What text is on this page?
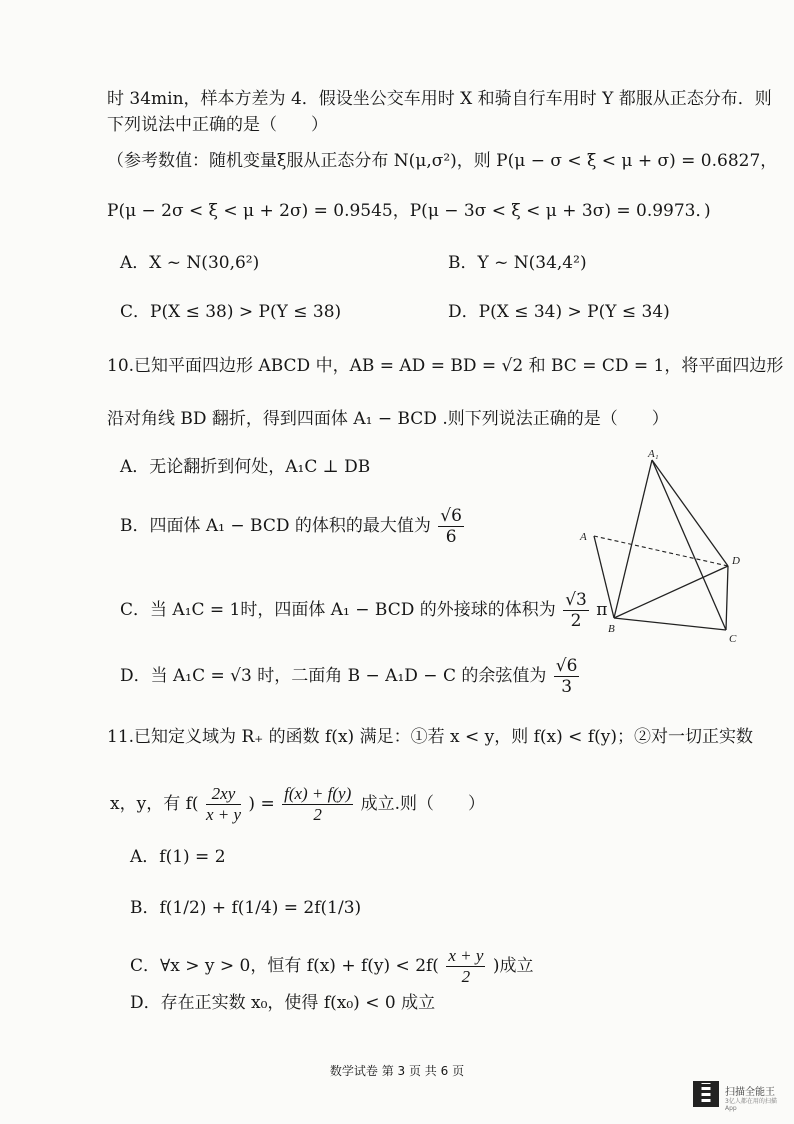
时 34min，样本方差为 4．假设坐公交车用时 X 和骑自行车用时 Y 都服从正态分布．则
下列说法中正确的是（　　）
（参考数值：随机变量ξ服从正态分布 N(μ,σ²)，则 P(μ − σ < ξ < μ + σ) = 0.6827，
P(μ − 2σ < ξ < μ + 2σ) = 0.9545，P(μ − 3σ < ξ < μ + 3σ) = 0.9973．)
A．X ~ N(30,6²)	B．Y ~ N(34,4²)
C．P(X ≤ 38) > P(Y ≤ 38)	D．P(X ≤ 34) > P(Y ≤ 34)
10.已知平面四边形 ABCD 中，AB = AD = BD = √2 和 BC = CD = 1，将平面四边形
沿对角线 BD 翻折，得到四面体 A₁ − BCD .则下列说法正确的是（　　）
A．无论翻折到何处，A₁C ⊥ DB
B．四面体 A₁ − BCD 的体积的最大值为 $\frac{√6}{6}$
C．当 A₁C = 1时，四面体 A₁ − BCD 的外接球的体积为 $\frac{√3}{2}$ π
D．当 A₁C = √3 时，二面角 B − A₁D − C 的余弦值为 $\frac{√6}{3}$
A₁
A
B
C
D
11.已知定义域为 R₊ 的函数 f(x) 满足：①若 x < y，则 f(x) < f(y)；②对一切正实数
x，y，有 $f( \frac{2xy}{x + y}$ ) = $\frac{f(x) + f(y)}{2}$ 成立.则（　　）
A．f(1) = 2
B．f(1/2) + f(1/4) = 2f(1/3)
C．∀x > y > 0，恒有 $f(x) + f(y) < 2f( \frac{x + y}{2}$ )成立
D．存在正实数 x₀，使得 f(x₀) < 0 成立
数学试卷 第 3 页 共 6 页
扫描全能王
3亿人都在用的扫描App
